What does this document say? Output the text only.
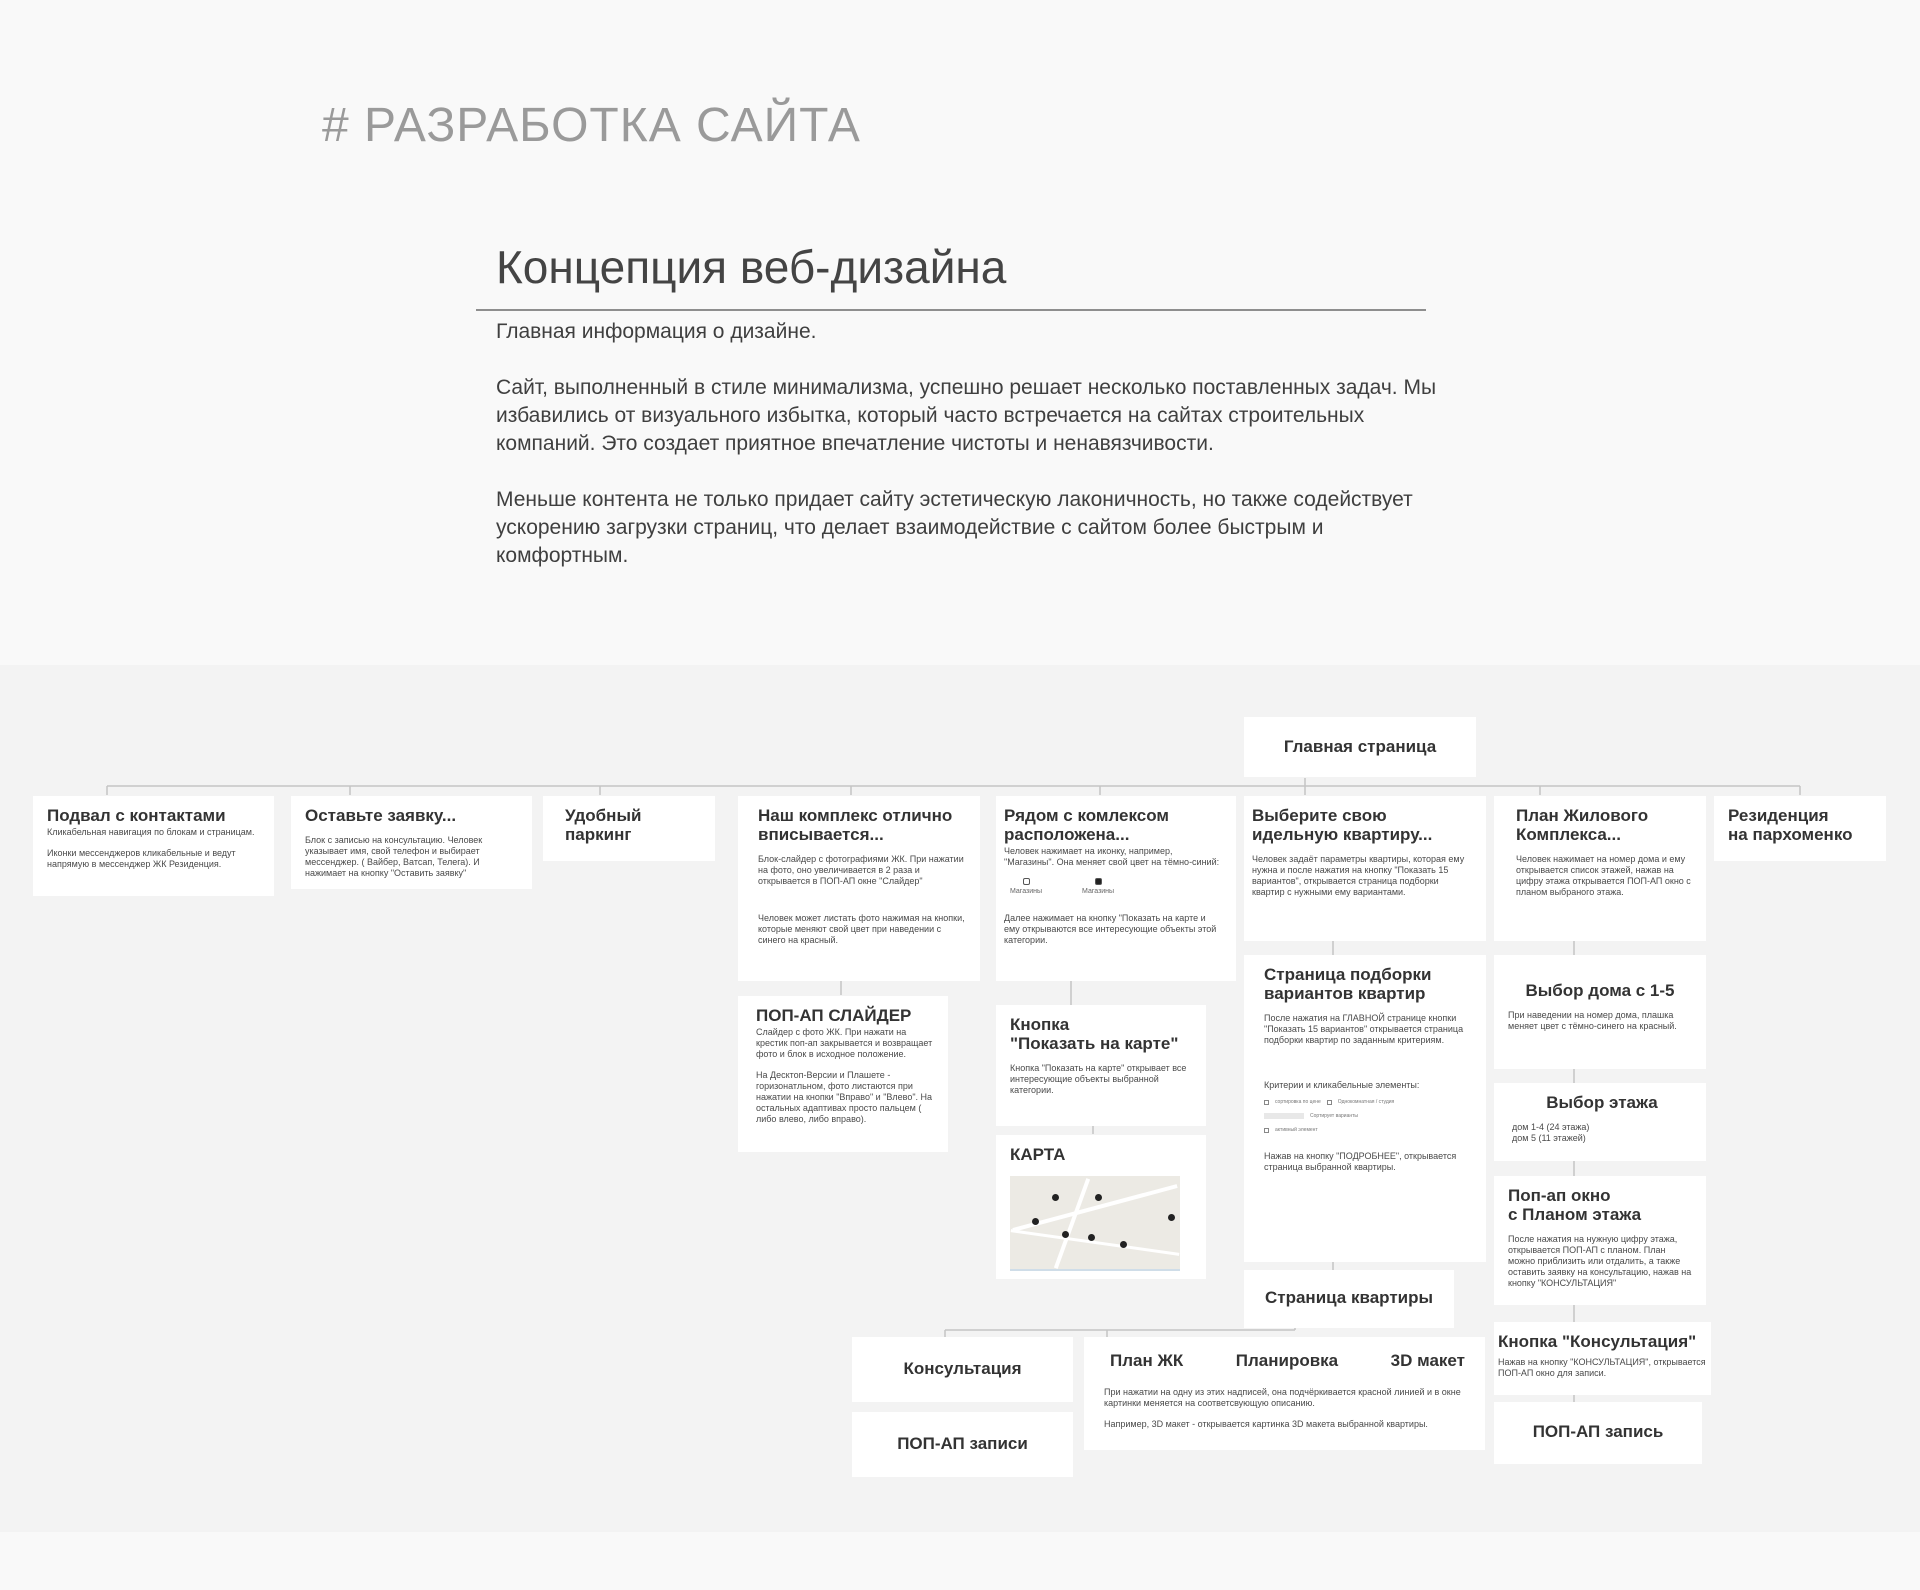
# РАЗРАБОТКА САЙТА
Концепция веб-дизайна

Главная информация о дизайне.

Сайт, выполненный в стиле минимализма, успешно решает несколько поставленных задач. Мы избавились от визуального избытка, который часто встречается на сайтах строительных компаний. Это создает приятное впечатление чистоты и ненавязчивости.

Меньше контента не только придает сайту эстетическую лаконичность, но также содействует ускорению загрузки страниц, что делает взаимодействие с сайтом более быстрым и комфортным.

Главная страница
Подвал с контактами

Кликабельная навигация по блокам и страницам.

Иконки мессенджеров кликабельные и ведут напрямую в мессенджер ЖК Резиденция.

Оставьте заявку...

Блок с записью на консультацию. Человек указывает имя, свой телефон и выбирает мессенджер. ( Вайбер, Ватсап, Телега). И нажимает на кнопку "Оставить заявку"

Удобный
паркинг
Наш комплекс отлично вписывается...

Блок-слайдер с фотографиями ЖК. При нажатии на фото, оно увеличивается в 2 раза и открывается в ПОП-АП окне "Слайдер"

Человек может листать фото нажимая на кнопки, которые меняют свой цвет при наведении с синего на красный.

ПОП-АП СЛАЙДЕР

Слайдер с фото ЖК. При нажати на крестик поп-ап закрывается и возвращает фото и блок в исходное положение.

На Десктоп-Версии и Плашете - горизонатльном, фото листаются при нажатии на кнопки "Вправо" и "Влево". На остальных адаптивах просто пальцем ( либо влево, либо вправо).

Рядом с комлексом расположена...

Человек нажимает на иконку, например, "Магазины". Она меняет свой цвет на тёмно-синий:

Магазины	Магазины

Далее нажимает на кнопку "Показать на карте и ему открываются все интересующие объекты этой категории.

Кнопка
"Показать на карте"

Кнопка "Показать на карте" открывает все интересующие объекты выбранной категории.

КАРТА
Выберите свою идельную квартиру...

Человек задаёт параметры квартиры, которая ему нужна и после нажатия на кнопку "Показать 15 вариантов", открывается страница подборки квартир с нужными ему вариантами.

Страница подборки вариантов квартир

После нажатия на ГЛАВНОЙ странице кнопки "Показать 15 вариантов" открывается страница подборки квартир по заданным критериям.

Критерии и кликабельные элементы:

сортировка по цене	Однокомнатная / студия
Сортирует варианты
активный элемент

Нажав на кнопку "ПОДРОБНЕЕ", открывается страница выбранной квартиры.

Страница квартиры
Консультация
ПОП-АП записи
План ЖК	Планировка	3D макет

При нажатии на одну из этих надписей, она подчёркивается красной линией и в окне картинки меняется на соответсвующую описанию.

Например, 3D макет - открывается картинка 3D макета выбранной квартиры.

План Жилового Комплекса...

Человек нажимает на номер дома и ему открывается список этажей, нажав на цифру этажа открывается ПОП-АП окно с планом выбраного этажа.

Выбор дома с 1-5

При наведении на номер дома, плашка меняет цвет с тёмно-синего на красный.

Выбор этажа

дом 1-4 (24 этажа)
дом 5 (11 этажей)

Поп-ап окно
с Планом этажа

После нажатия на нужную цифру этажа, открывается ПОП-АП с планом. План можно приблизить или отдалить, а также оставить заявку на консультацию, нажав на кнопку "КОНСУЛЬТАЦИЯ"

Кнопка "Консультация"

Нажав на кнопку "КОНСУЛЬТАЦИЯ", открывается ПОП-АП окно для записи.

ПОП-АП запись
Резиденция
на пархоменко
